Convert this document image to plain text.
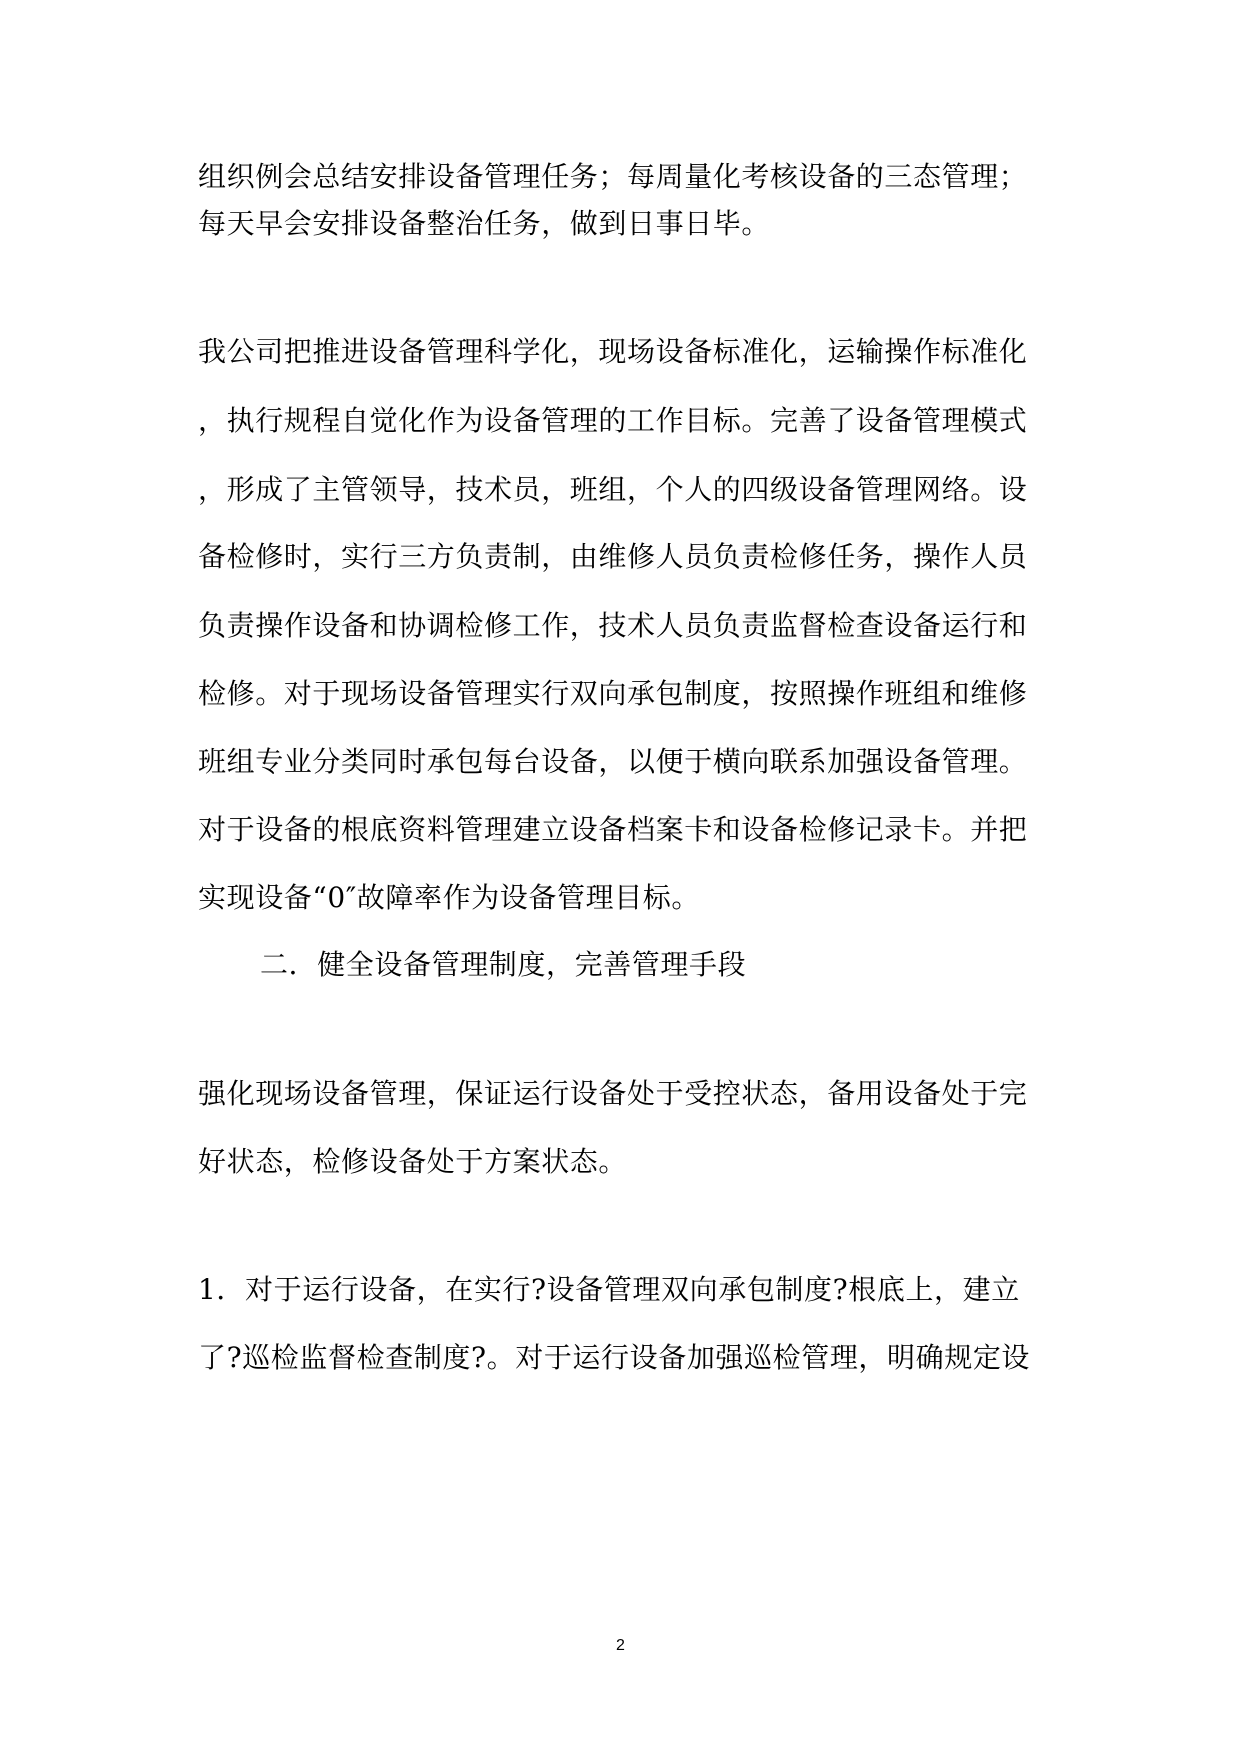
组织例会总结安排设备管理任务；每周量化考核设备的三态管理；
每天早会安排设备整治任务，做到日事日毕。
我公司把推进设备管理科学化，现场设备标准化，运输操作标准化
，执行规程自觉化作为设备管理的工作目标。完善了设备管理模式
，形成了主管领导，技术员，班组，个人的四级设备管理网络。设
备检修时，实行三方负责制，由维修人员负责检修任务，操作人员
负责操作设备和协调检修工作，技术人员负责监督检查设备运行和
检修。对于现场设备管理实行双向承包制度，按照操作班组和维修
班组专业分类同时承包每台设备，以便于横向联系加强设备管理。
对于设备的根底资料管理建立设备档案卡和设备检修记录卡。并把
实现设备“0″故障率作为设备管理目标。
二．健全设备管理制度，完善管理手段
强化现场设备管理，保证运行设备处于受控状态，备用设备处于完
好状态，检修设备处于方案状态。
1．对于运行设备，在实行?设备管理双向承包制度?根底上，建立
了?巡检监督检查制度?。对于运行设备加强巡检管理，明确规定设
2
